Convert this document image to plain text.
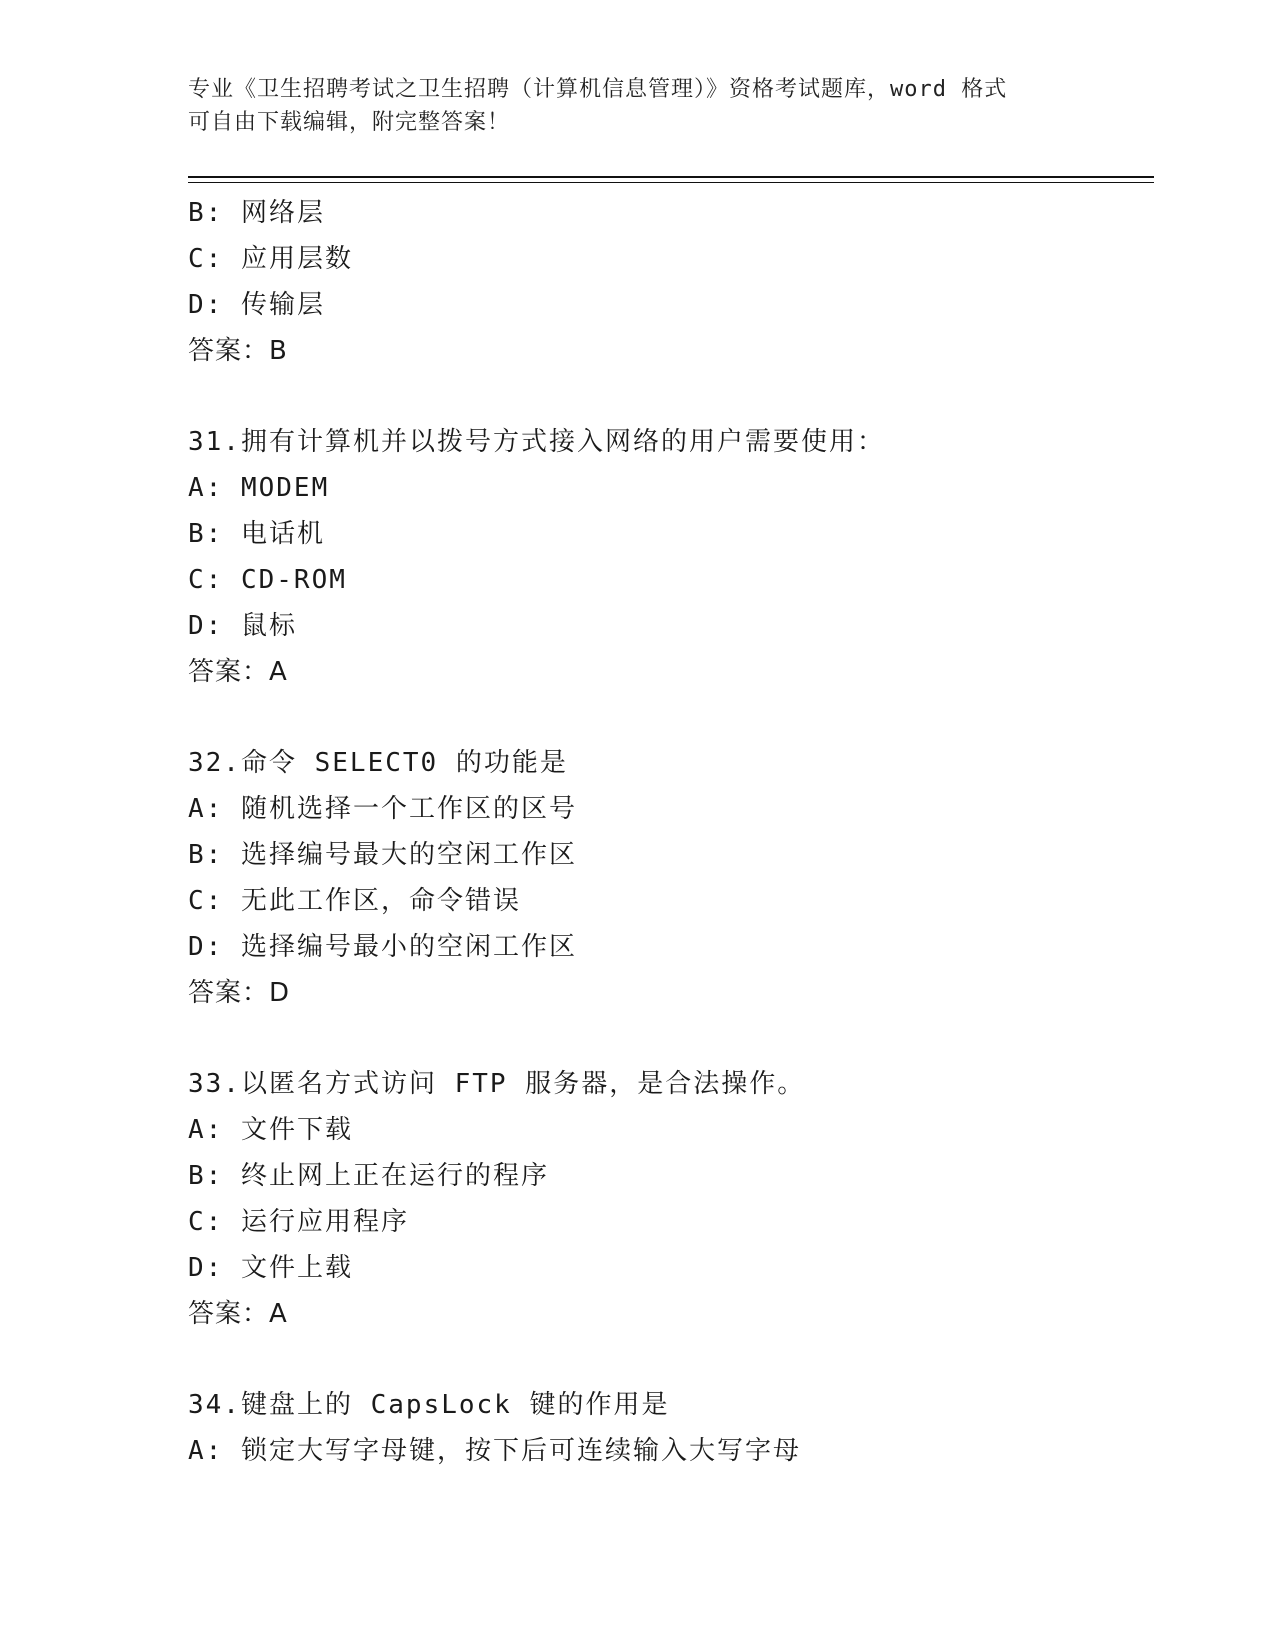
专业《卫生招聘考试之卫生招聘（计算机信息管理）》资格考试题库，word 格式
可自由下载编辑，附完整答案！
B: 网络层
C: 应用层数
D: 传输层
答案：B
31.拥有计算机并以拨号方式接入网络的用户需要使用：
A: MODEM
B: 电话机
C: CD-ROM
D: 鼠标
答案：A
32.命令 SELECT0 的功能是
A: 随机选择一个工作区的区号
B: 选择编号最大的空闲工作区
C: 无此工作区，命令错误
D: 选择编号最小的空闲工作区
答案：D
33.以匿名方式访问 FTP 服务器，是合法操作。
A: 文件下载
B: 终止网上正在运行的程序
C: 运行应用程序
D: 文件上载
答案：A
34.键盘上的 CapsLock 键的作用是
A: 锁定大写字母键，按下后可连续输入大写字母
